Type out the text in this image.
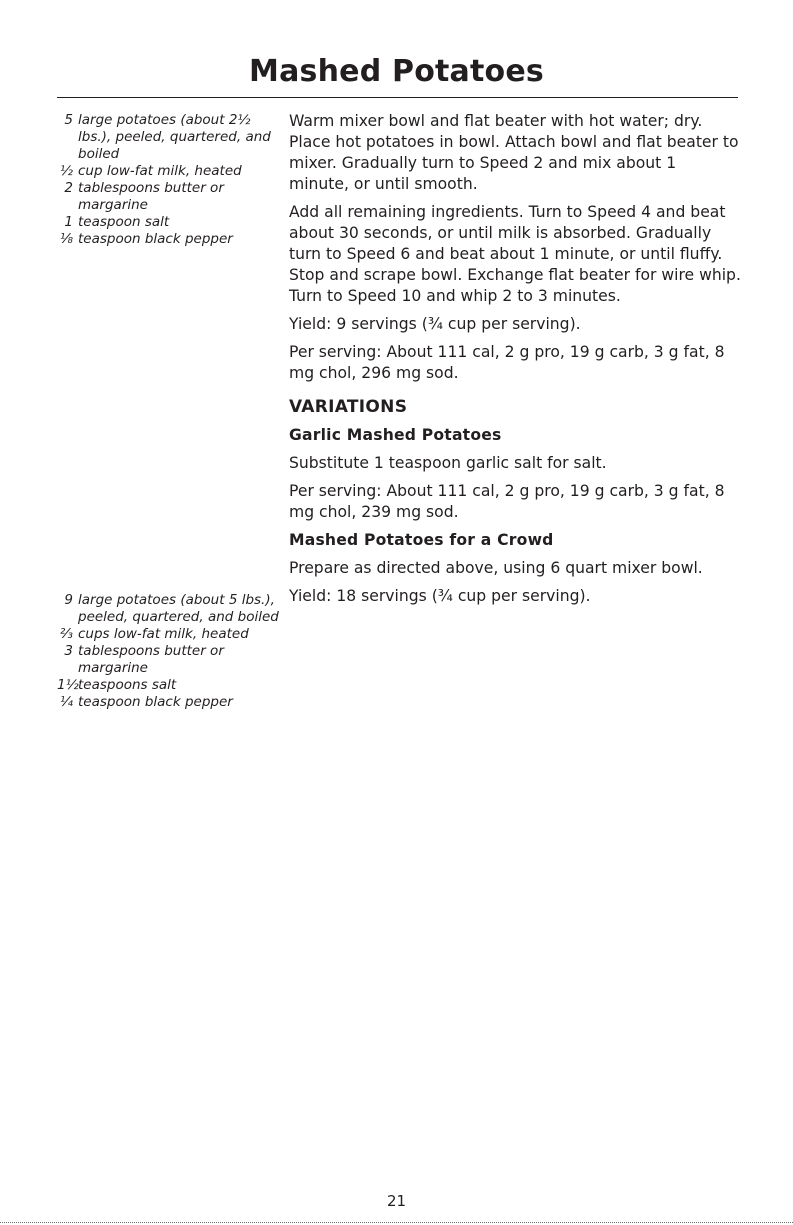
Mashed Potatoes
5 large potatoes (about 2½ lbs.), peeled, quartered, and boiled
½ cup low-fat milk, heated
2 tablespoons butter or margarine
1 teaspoon salt
⅛ teaspoon black pepper
9 large potatoes (about 5 lbs.), peeled, quartered, and boiled
⅔ cups low-fat milk, heated
3 tablespoons butter or margarine
1½ teaspoons salt
¼ teaspoon black pepper

Warm mixer bowl and flat beater with hot water; dry. Place hot potatoes in bowl. Attach bowl and flat beater to mixer. Gradually turn to Speed 2 and mix about 1 minute, or until smooth.

Add all remaining ingredients. Turn to Speed 4 and beat about 30 seconds, or until milk is absorbed. Gradually turn to Speed 6 and beat about 1 minute, or until fluffy. Stop and scrape bowl. Exchange flat beater for wire whip. Turn to Speed 10 and whip 2 to 3 minutes.

Yield: 9 servings (¾ cup per serving).

Per serving: About 111 cal, 2 g pro, 19 g carb, 3 g fat, 8 mg chol, 296 mg sod.

VARIATIONS
Garlic Mashed Potatoes

Substitute 1 teaspoon garlic salt for salt.

Per serving: About 111 cal, 2 g pro, 19 g carb, 3 g fat, 8 mg chol, 239 mg sod.

Mashed Potatoes for a Crowd

Prepare as directed above, using 6 quart mixer bowl.

Yield: 18 servings (¾ cup per serving).

21
